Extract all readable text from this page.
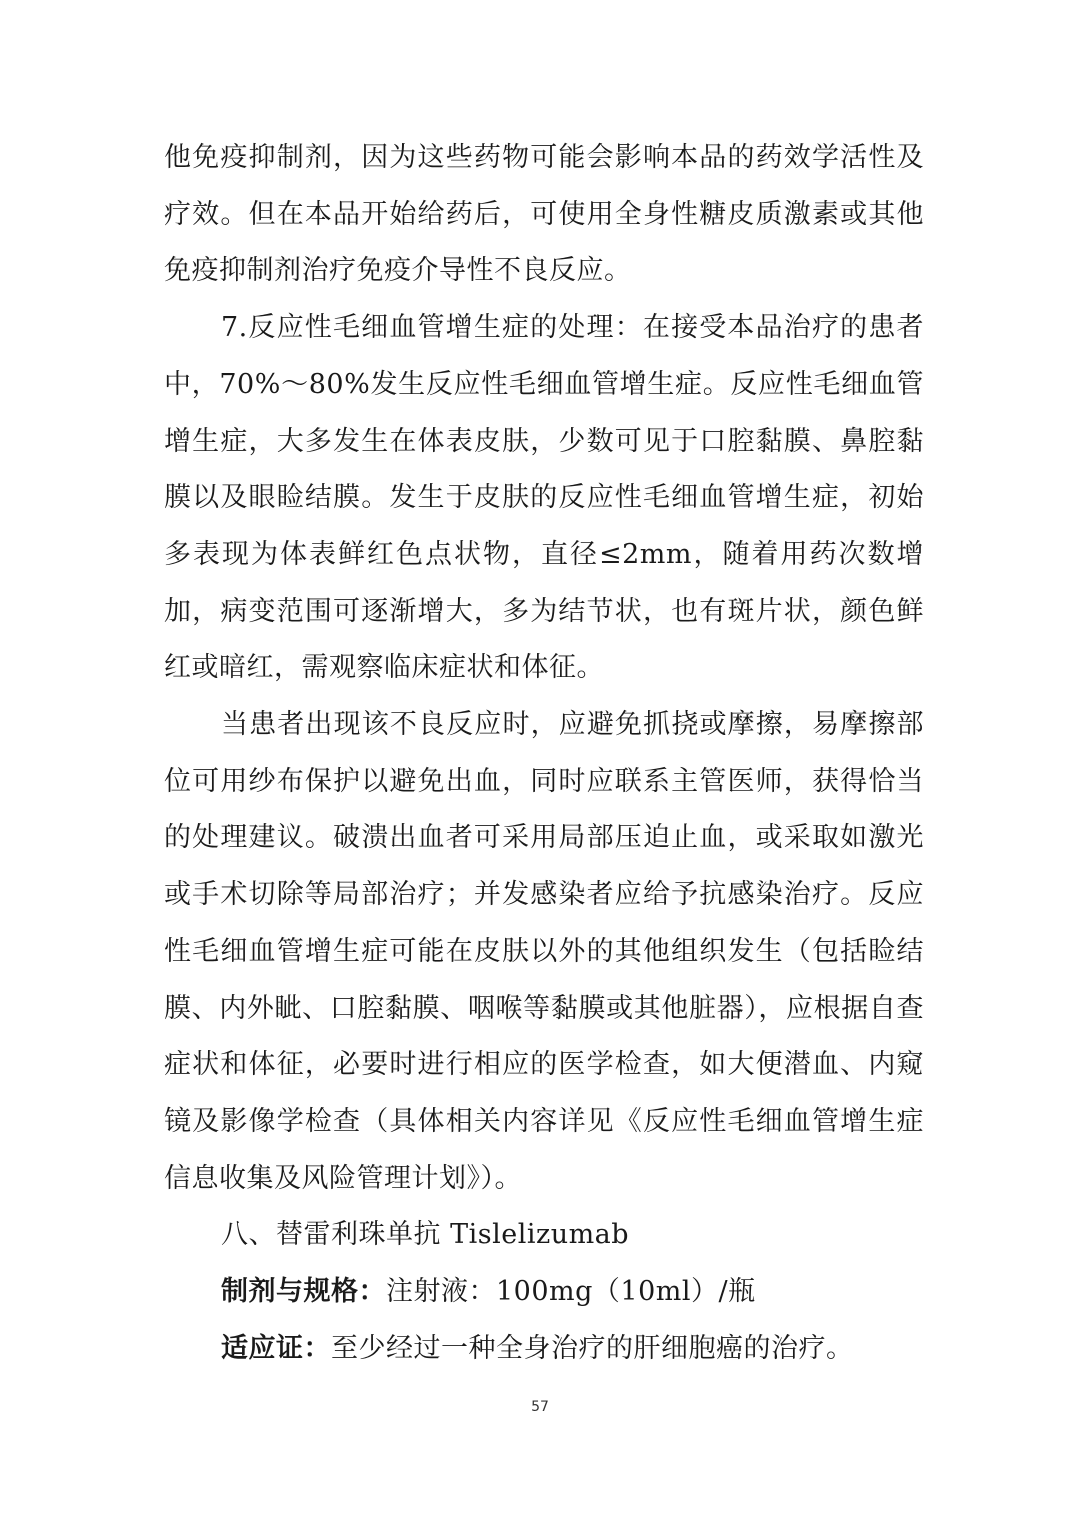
他免疫抑制剂，因为这些药物可能会影响本品的药效学活性及疗效。但在本品开始给药后，可使用全身性糖皮质激素或其他免疫抑制剂治疗免疫介导性不良反应。

7.反应性毛细血管增生症的处理：在接受本品治疗的患者中，70%～80%发生反应性毛细血管增生症。反应性毛细血管增生症，大多发生在体表皮肤，少数可见于口腔黏膜、鼻腔黏膜以及眼睑结膜。发生于皮肤的反应性毛细血管增生症，初始多表现为体表鲜红色点状物，直径≤2mm，随着用药次数增加，病变范围可逐渐增大，多为结节状，也有斑片状，颜色鲜红或暗红，需观察临床症状和体征。

当患者出现该不良反应时，应避免抓挠或摩擦，易摩擦部位可用纱布保护以避免出血，同时应联系主管医师，获得恰当的处理建议。破溃出血者可采用局部压迫止血，或采取如激光或手术切除等局部治疗；并发感染者应给予抗感染治疗。反应性毛细血管增生症可能在皮肤以外的其他组织发生（包括睑结膜、内外眦、口腔黏膜、咽喉等黏膜或其他脏器），应根据自查症状和体征，必要时进行相应的医学检查，如大便潜血、内窥镜及影像学检查（具体相关内容详见《反应性毛细血管增生症信息收集及风险管理计划》）。

八、替雷利珠单抗 Tislelizumab

制剂与规格：注射液：100mg（10ml）/瓶

适应证：至少经过一种全身治疗的肝细胞癌的治疗。

57
